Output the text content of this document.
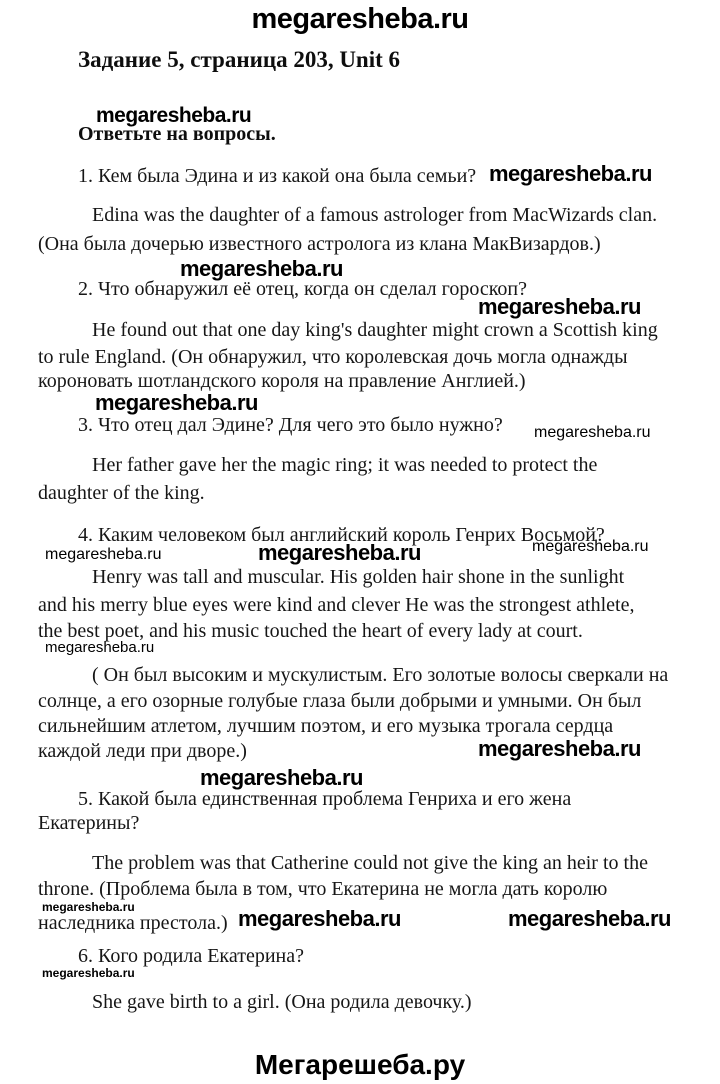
megaresheba.ru
Задание 5, страница 203, Unit 6
megaresheba.ru
Ответьте на вопросы.
1. Кем была Эдина и из какой она была семьи? megaresheba.ru
Edina was the daughter of a famous astrologer from MacWizards clan.
(Она была дочерью известного астролога из клана МакВизардов.)
megaresheba.ru
2. Что обнаружил её отец, когда он сделал гороскоп?
megaresheba.ru
He found out that one day king's daughter might crown a Scottish king
to rule England. (Он обнаружил, что королевская дочь могла однажды
короновать шотландского короля на правление Англией.)
megaresheba.ru
3. Что отец дал Эдине? Для чего это было нужно? megaresheba.ru
Her father gave her the magic ring; it was needed to protect the
daughter of the king.
4. Каким человеком был английский король Генрих Восьмой?
megaresheba.ru	megaresheba.ru	megaresheba.ru
Henry was tall and muscular. His golden hair shone in the sunlight
and his merry blue eyes were kind and clever He was the strongest athlete,
the best poet, and his music touched the heart of every lady at court.
megaresheba.ru
( Он был высоким и мускулистым. Его золотые волосы сверкали на
солнце, а его озорные голубые глаза были добрыми и умными. Он был
сильнейшим атлетом, лучшим поэтом, и его музыка трогала сердца
каждой леди при дворе.)	megaresheba.ru
megaresheba.ru
5. Какой была единственная проблема Генриха и его жена
Екатерины?
The problem was that Catherine could not give the king an heir to the
throne. (Проблема была в том, что Екатерина не могла дать королю
megaresheba.ru
наследника престола.) megaresheba.ru	megaresheba.ru
6. Кого родила Екатерина?
megaresheba.ru
She gave birth to a girl. (Она родила девочку.)
Мегарешеба.ру
